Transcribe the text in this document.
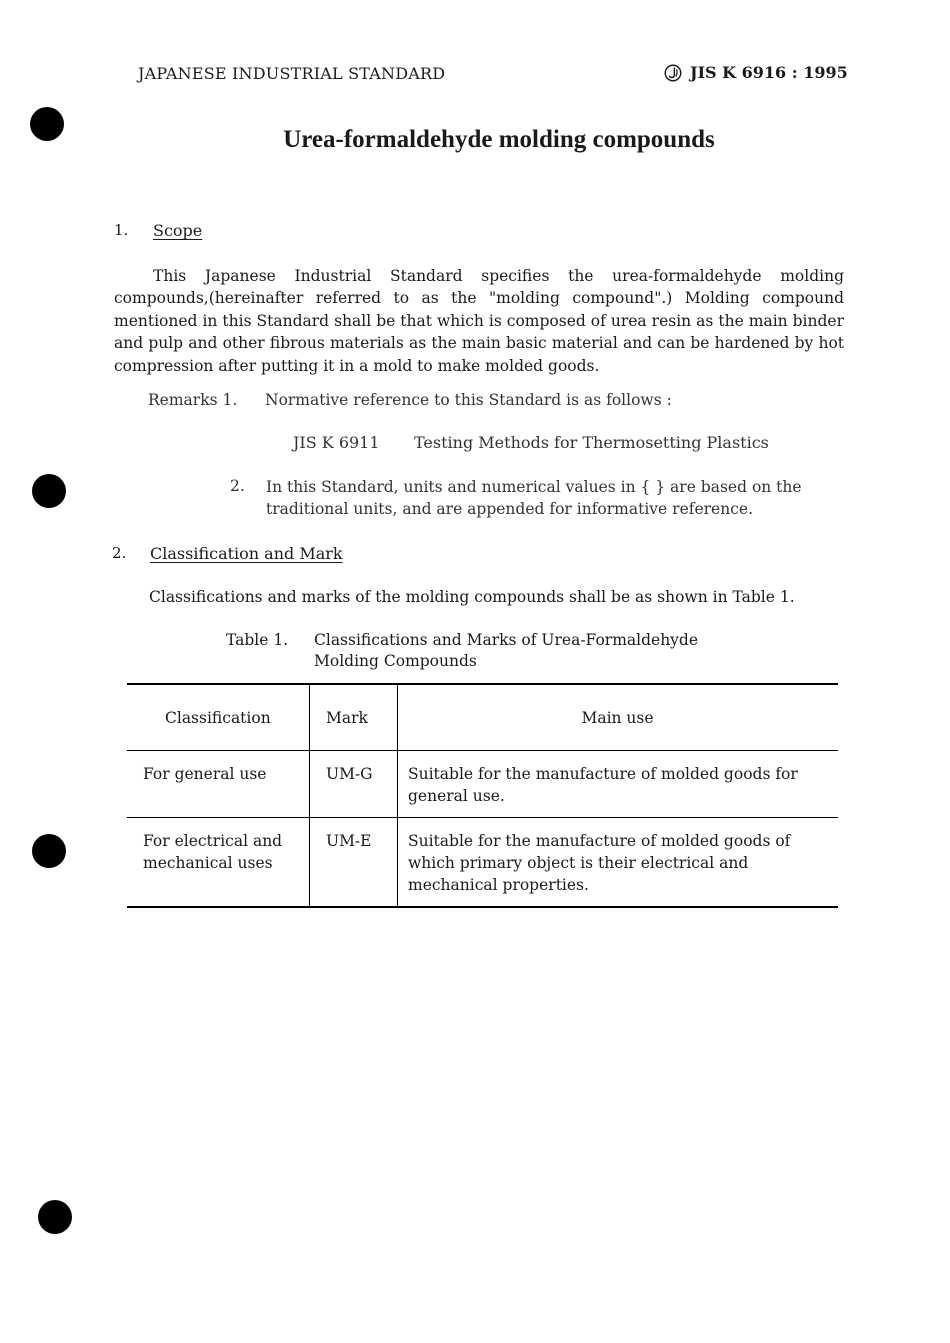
JAPANESE INDUSTRIAL STANDARD	JIS K 6916 : 1995
Urea-formaldehyde molding compounds
1. Scope
This Japanese Industrial Standard specifies the urea-formaldehyde molding compounds,(hereinafter referred to as the "molding compound".) Molding compound mentioned in this Standard shall be that which is composed of urea resin as the main binder and pulp and other fibrous materials as the main basic material and can be hardened by hot compression after putting it in a mold to make molded goods.
Remarks 1. Normative reference to this Standard is as follows :
JIS K 6911 Testing Methods for Thermosetting Plastics
2. In this Standard, units and numerical values in { } are based on the traditional units, and are appended for informative reference.
2. Classification and Mark
Classifications and marks of the molding compounds shall be as shown in Table 1.
Table 1. Classifications and Marks of Urea-Formaldehyde
Molding Compounds
Classification	Mark	Main use
For general use	UM-G	Suitable for the manufacture of molded goods for general use.
For electrical and mechanical uses	UM-E	Suitable for the manufacture of molded goods of which primary object is their electrical and mechanical properties.
